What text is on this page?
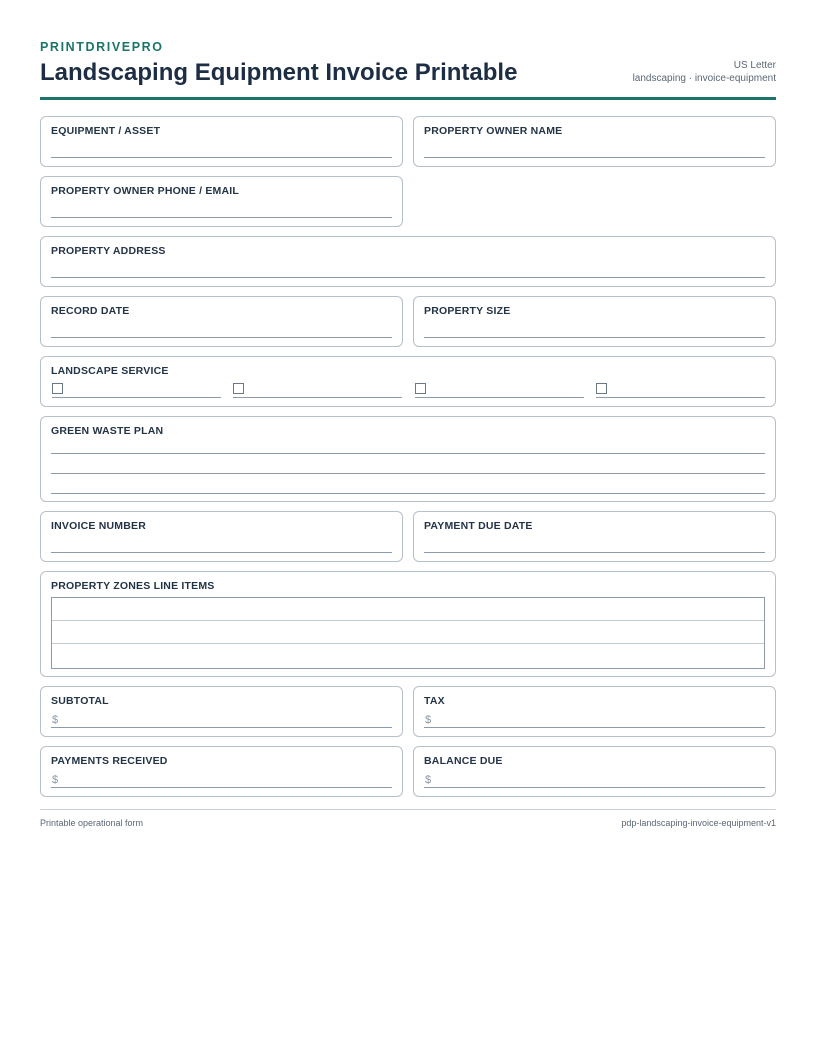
PRINTDRIVEPRO
Landscaping Equipment Invoice Printable	US Letter
landscaping · invoice-equipment
EQUIPMENT / ASSET	PROPERTY OWNER NAME
PROPERTY OWNER PHONE / EMAIL
PROPERTY ADDRESS
RECORD DATE	PROPERTY SIZE
LANDSCAPE SERVICE
GREEN WASTE PLAN
INVOICE NUMBER	PAYMENT DUE DATE
PROPERTY ZONES LINE ITEMS
SUBTOTAL
$
TAX
$
PAYMENTS RECEIVED
$
BALANCE DUE
$
Printable operational form	pdp-landscaping-invoice-equipment-v1
